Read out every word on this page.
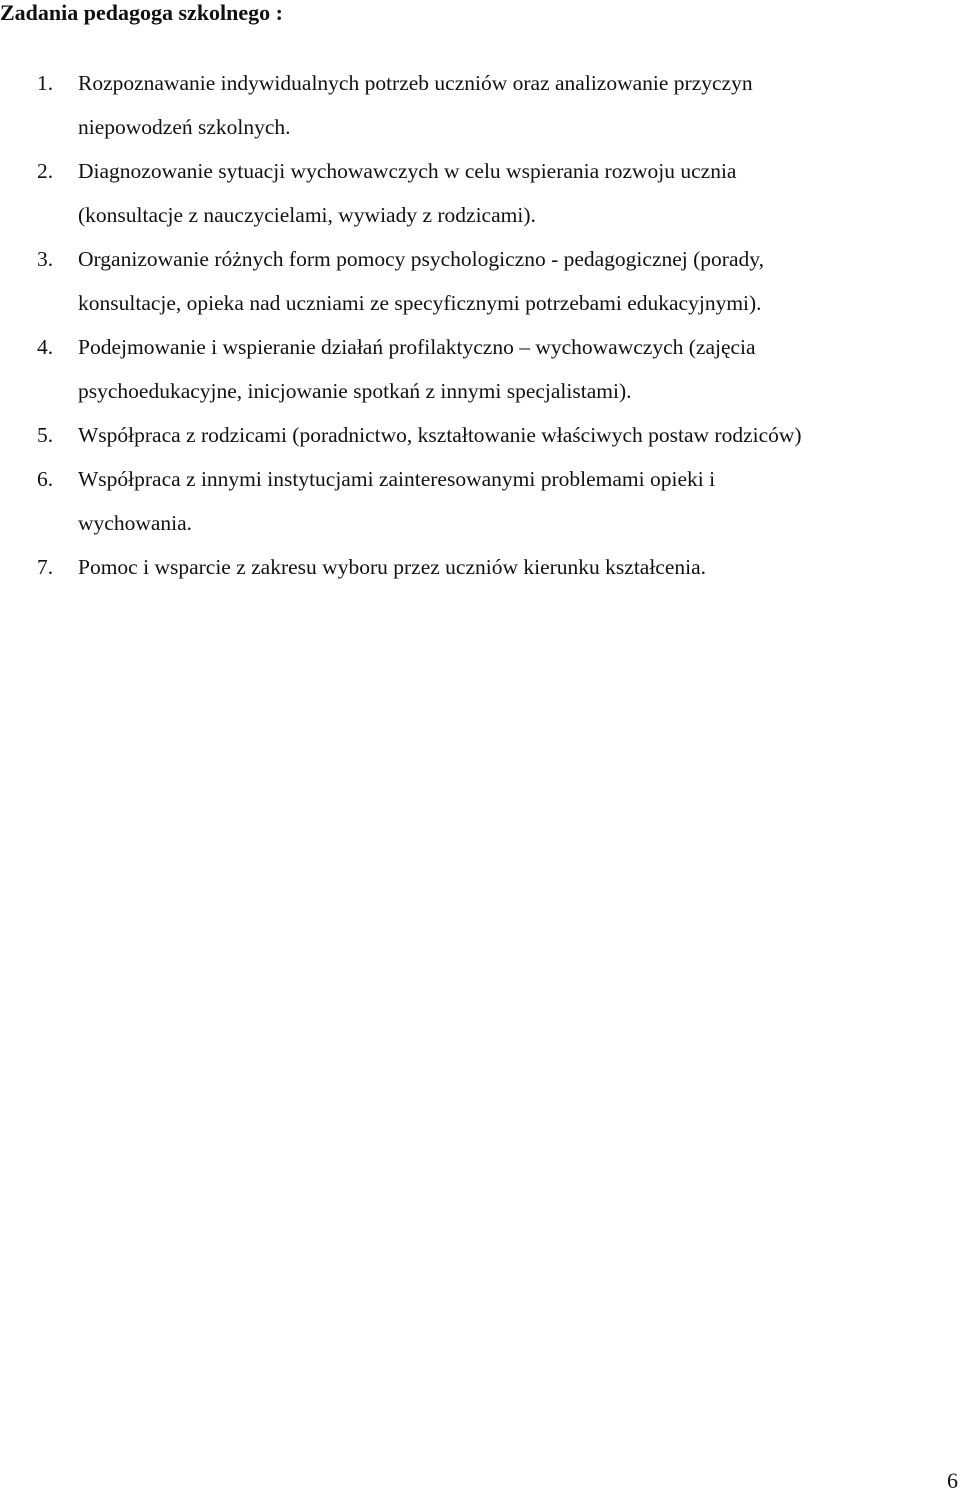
Zadania pedagoga szkolnego :
1. Rozpoznawanie indywidualnych potrzeb uczniów oraz analizowanie przyczyn
niepowodzeń szkolnych.
2. Diagnozowanie sytuacji wychowawczych w celu wspierania rozwoju ucznia
(konsultacje z nauczycielami, wywiady z rodzicami).
3. Organizowanie różnych form pomocy psychologiczno - pedagogicznej (porady,
konsultacje, opieka nad uczniami ze specyficznymi potrzebami edukacyjnymi).
4. Podejmowanie i wspieranie działań profilaktyczno – wychowawczych (zajęcia
psychoedukacyjne, inicjowanie spotkań z innymi specjalistami).
5. Współpraca z rodzicami (poradnictwo, kształtowanie właściwych postaw rodziców)
6. Współpraca z innymi instytucjami zainteresowanymi problemami opieki i
wychowania.
7. Pomoc i wsparcie z zakresu wyboru przez uczniów kierunku kształcenia.
6
